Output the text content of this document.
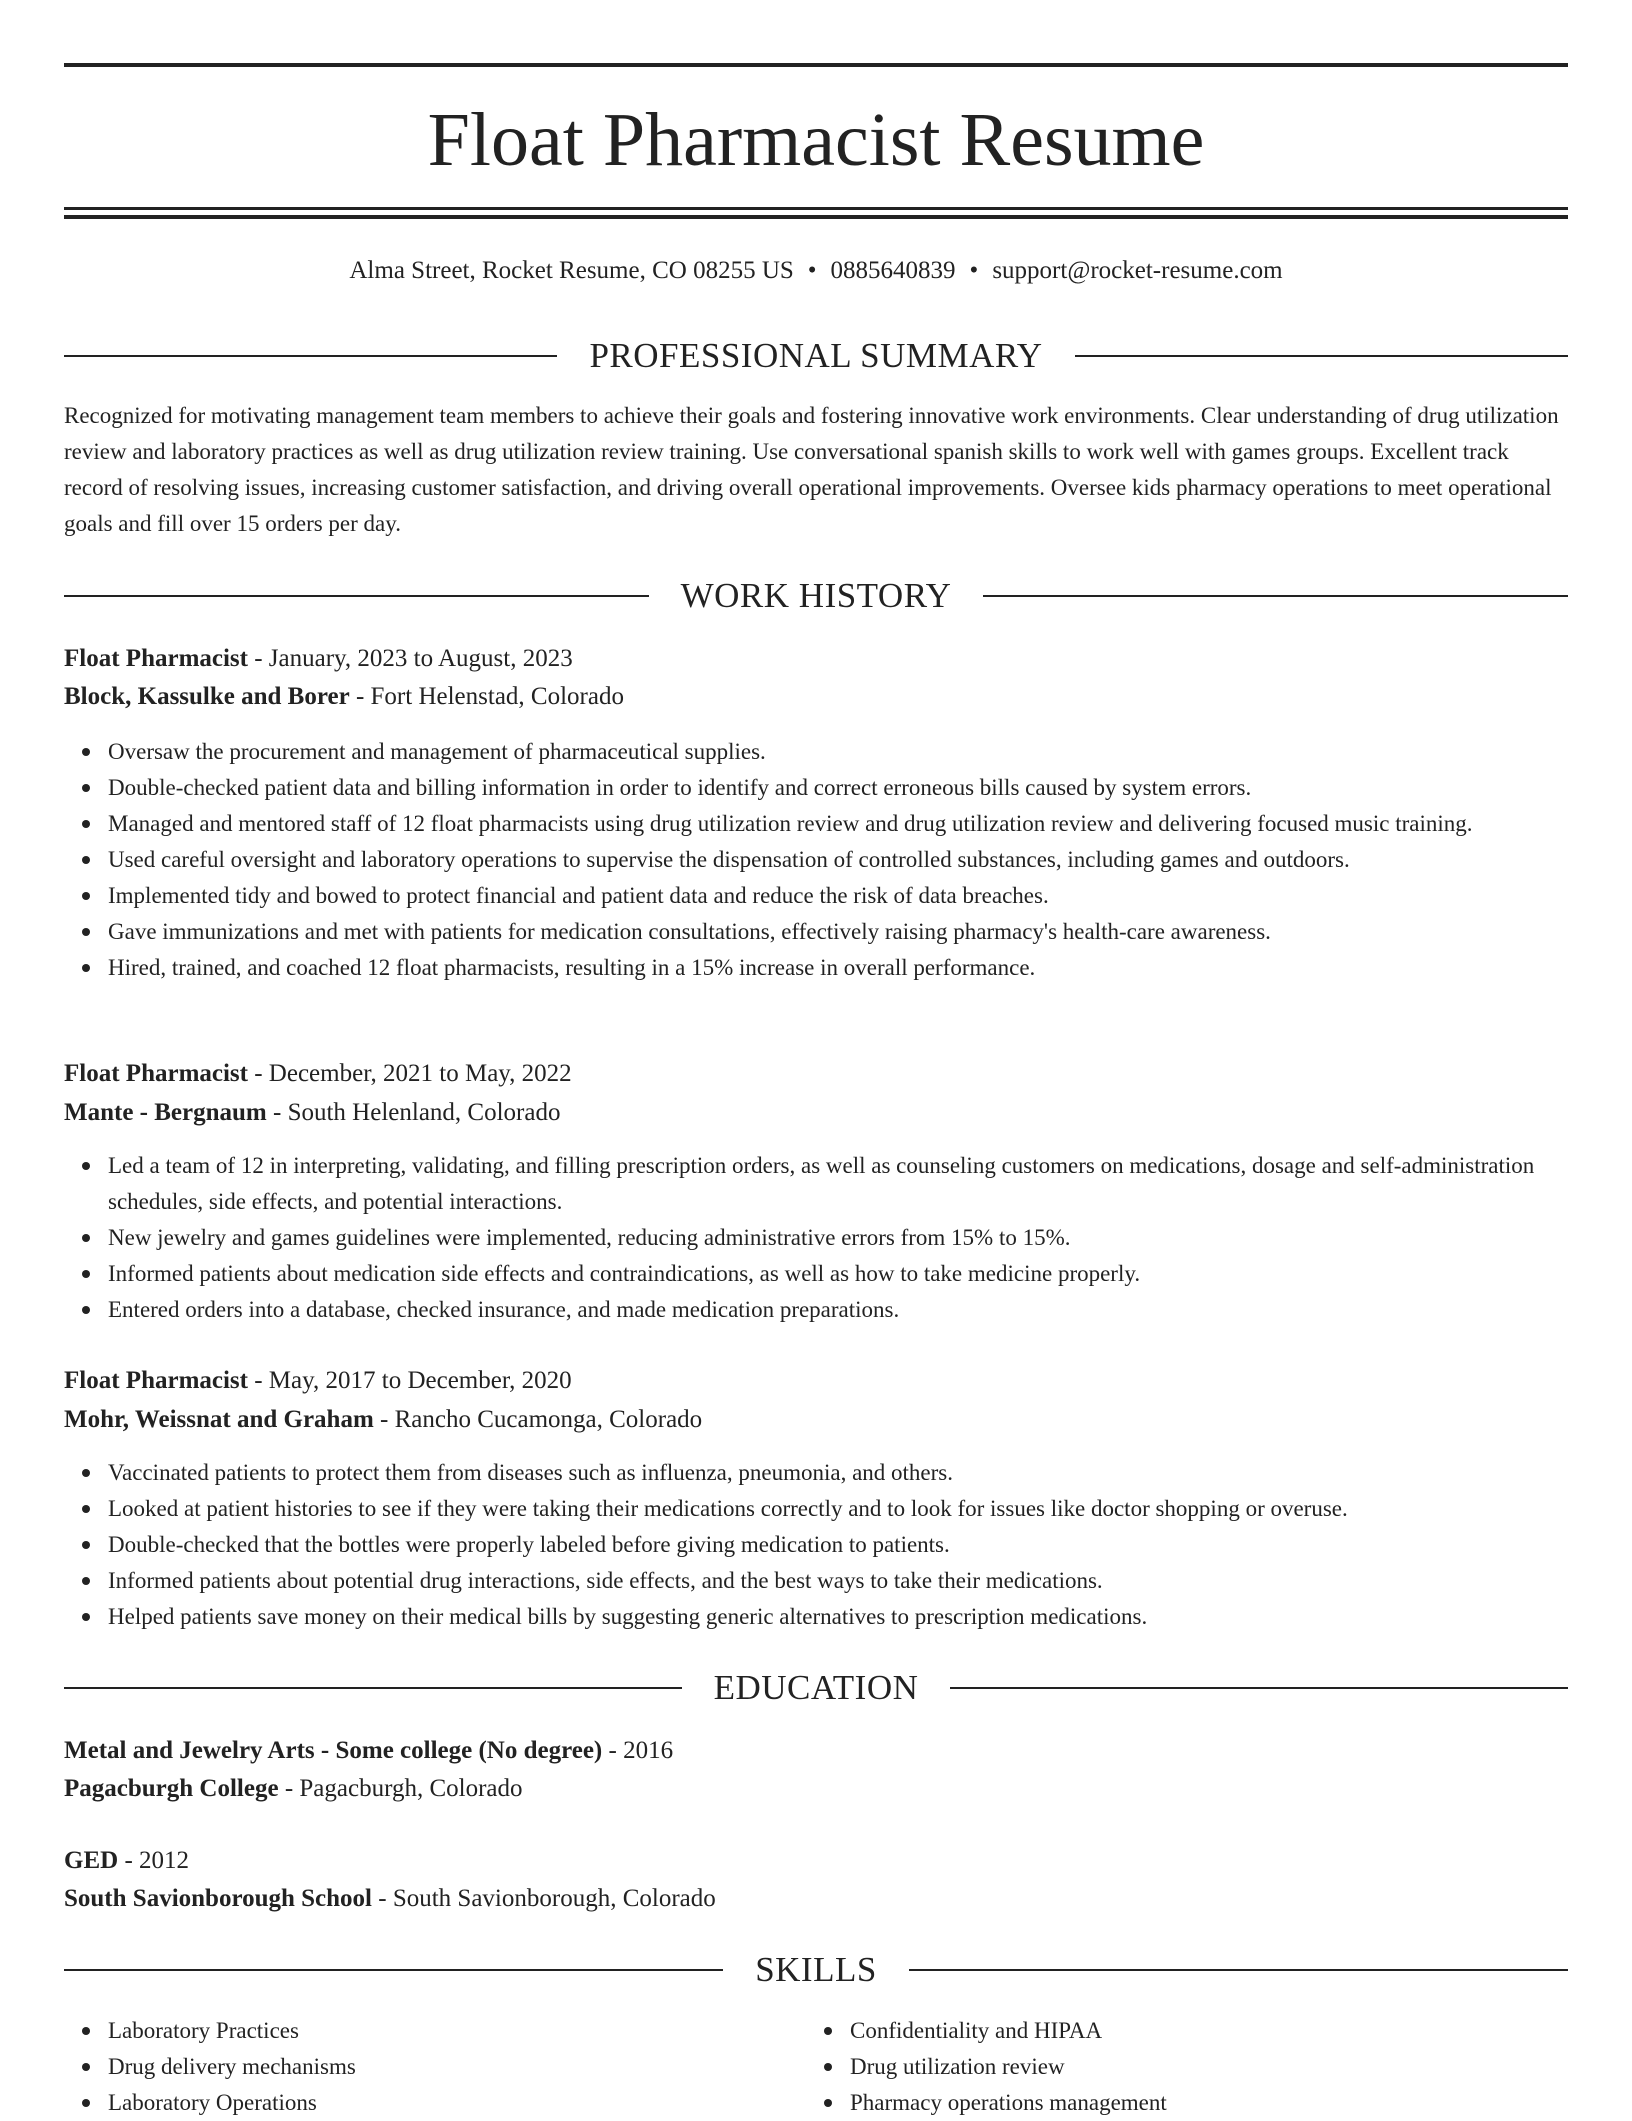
Float Pharmacist Resume
Alma Street, Rocket Resume, CO 08255 US • 0885640839 • support@rocket-resume.com
PROFESSIONAL SUMMARY

Recognized for motivating management team members to achieve their goals and fostering innovative work environments. Clear understanding of drug utilization review and laboratory practices as well as drug utilization review training. Use conversational spanish skills to work well with games groups. Excellent track record of resolving issues, increasing customer satisfaction, and driving overall operational improvements. Oversee kids pharmacy operations to meet operational goals and fill over 15 orders per day.

WORK HISTORY
Float Pharmacist - January, 2023 to August, 2023
Block, Kassulke and Borer - Fort Helenstad, Colorado
Oversaw the procurement and management of pharmaceutical supplies.
Double-checked patient data and billing information in order to identify and correct erroneous bills caused by system errors.
Managed and mentored staff of 12 float pharmacists using drug utilization review and drug utilization review and delivering focused music training.
Used careful oversight and laboratory operations to supervise the dispensation of controlled substances, including games and outdoors.
Implemented tidy and bowed to protect financial and patient data and reduce the risk of data breaches.
Gave immunizations and met with patients for medication consultations, effectively raising pharmacy's health-care awareness.
Hired, trained, and coached 12 float pharmacists, resulting in a 15% increase in overall performance.
Float Pharmacist - December, 2021 to May, 2022
Mante - Bergnaum - South Helenland, Colorado
Led a team of 12 in interpreting, validating, and filling prescription orders, as well as counseling customers on medications, dosage and self-administration schedules, side effects, and potential interactions.
New jewelry and games guidelines were implemented, reducing administrative errors from 15% to 15%.
Informed patients about medication side effects and contraindications, as well as how to take medicine properly.
Entered orders into a database, checked insurance, and made medication preparations.
Float Pharmacist - May, 2017 to December, 2020
Mohr, Weissnat and Graham - Rancho Cucamonga, Colorado
Vaccinated patients to protect them from diseases such as influenza, pneumonia, and others.
Looked at patient histories to see if they were taking their medications correctly and to look for issues like doctor shopping or overuse.
Double-checked that the bottles were properly labeled before giving medication to patients.
Informed patients about potential drug interactions, side effects, and the best ways to take their medications.
Helped patients save money on their medical bills by suggesting generic alternatives to prescription medications.
EDUCATION
Metal and Jewelry Arts - Some college (No degree) - 2016
Pagacburgh College - Pagacburgh, Colorado
GED - 2012
South Savionborough School - South Savionborough, Colorado
SKILLS
Laboratory Practices
Drug delivery mechanisms
Laboratory Operations
Confidentiality and HIPAA
Drug utilization review
Pharmacy operations management
